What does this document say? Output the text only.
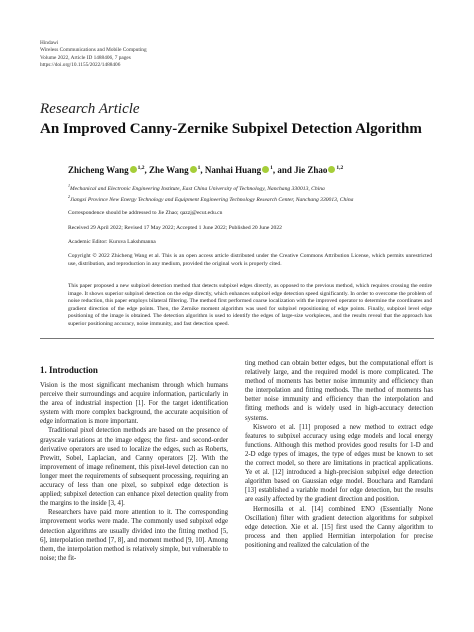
Hindawi
Wireless Communications and Mobile Computing
Volume 2022, Article ID 1488406, 7 pages
https://doi.org/10.1155/2022/1488406
Research Article
An Improved Canny-Zernike Subpixel Detection Algorithm
Zhicheng Wang $^{1,2}$, Zhe Wang $^1$, Nanhai Huang $^1$, and Jie Zhao $^{1,2}$
$^1$Mechanical and Electronic Engineering Institute, East China University of Technology, Nanchang 330013, China
$^2$Jiangxi Province New Energy Technology and Equipment Engineering Technology Research Center, Nanchang 330013, China
Correspondence should be addressed to Jie Zhao; qazzj@ecut.edu.cn
Received 29 April 2022; Revised 17 May 2022; Accepted 1 June 2022; Published 20 June 2022
Academic Editor: Kuruva Lakshmanna
Copyright © 2022 Zhicheng Wang et al. This is an open access article distributed under the Creative Commons Attribution License, which permits unrestricted use, distribution, and reproduction in any medium, provided the original work is properly cited.
This paper proposed a new subpixel detection method that detects subpixel edges directly, as opposed to the previous method, which requires crossing the entire image. It shows superior subpixel detection on the edge directly, which enhances subpixel edge detection speed significantly. In order to overcome the problem of noise reduction, this paper employs bilateral filtering. The method first performed coarse localization with the improved operator to determine the coordinates and gradient direction of the edge points. Then, the Zernike moment algorithm was used for subpixel repositioning of edge points. Finally, subpixel level edge positioning of the image is obtained. The detection algorithm is used to identify the edges of large-size workpieces, and the results reveal that the approach has superior positioning accuracy, noise immunity, and fast detection speed.
1. Introduction

Vision is the most significant mechanism through which humans perceive their surroundings and acquire information, particularly in the area of industrial inspection [1]. For the target identification system with more complex background, the accurate acquisition of edge information is more important.

Traditional pixel detection methods are based on the presence of grayscale variations at the image edges; the first- and second-order derivative operators are used to localize the edges, such as Roberts, Prewitt, Sobel, Laplacian, and Canny operators [2]. With the improvement of image refinement, this pixel-level detection can no longer meet the requirements of subsequent processing, requiring an accuracy of less than one pixel, so subpixel edge detection is applied; subpixel detection can enhance pixel detection quality from the margins to the inside [3, 4].

Researchers have paid more attention to it. The corresponding improvement works were made. The commonly used subpixel edge detection algorithms are usually divided into the fitting method [5, 6], interpolation method [7, 8], and moment method [9, 10]. Among them, the interpolation method is relatively simple, but vulnerable to noise; the fit-

ting method can obtain better edges, but the computational effort is relatively large, and the required model is more complicated. The method of moments has better noise immunity and efficiency than the interpolation and fitting methods. The method of moments has better noise immunity and efficiency than the interpolation and fitting methods and is widely used in high-accuracy detection systems.

Kisworo et al. [11] proposed a new method to extract edge features to subpixel accuracy using edge models and local energy functions. Although this method provides good results for 1-D and 2-D edge types of images, the type of edges must be known to set the correct model, so there are limitations in practical applications. Ye et al. [12] introduced a high-precision subpixel edge detection algorithm based on Gaussian edge model. Bouchara and Ramdani [13] established a variable model for edge detection, but the results are easily affected by the gradient direction and position.

Hermosilla et al. [14] combined ENO (Essentially None Oscillation) filter with gradient detection algorithms for subpixel edge detection. Xie et al. [15] first used the Canny algorithm to process and then applied Hermitian interpolation for precise positioning and realized the calculation of the
